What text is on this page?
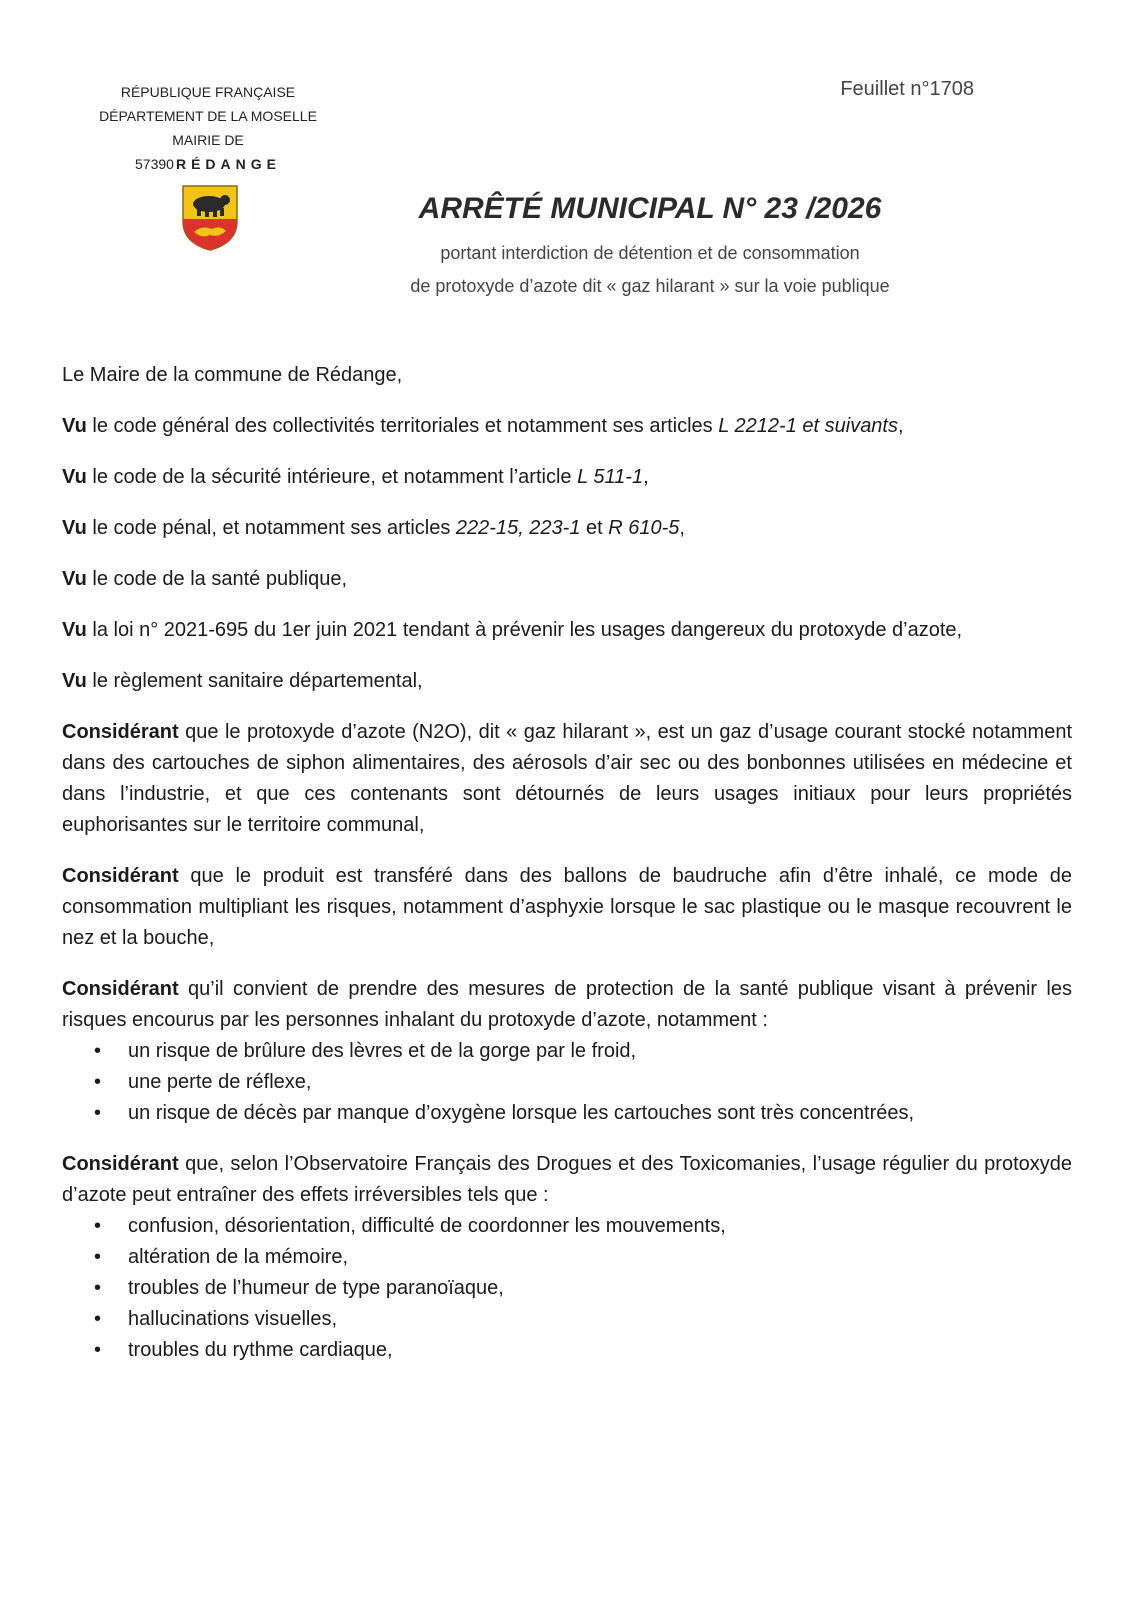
RÉPUBLIQUE FRANÇAISE
DÉPARTEMENT DE LA MOSELLE
MAIRIE DE
57390 RÉDANGE
Feuillet n°1708
ARRÊTÉ MUNICIPAL N° 23 /2026
portant interdiction de détention et de consommation
de protoxyde d’azote dit « gaz hilarant » sur la voie publique

Le Maire de la commune de Rédange,

Vu le code général des collectivités territoriales et notamment ses articles L 2212-1 et suivants,

Vu le code de la sécurité intérieure, et notamment l’article L 511-1,

Vu le code pénal, et notamment ses articles 222-15, 223-1 et R 610-5,

Vu le code de la santé publique,

Vu la loi n° 2021-695 du 1er juin 2021 tendant à prévenir les usages dangereux du protoxyde d’azote,

Vu le règlement sanitaire départemental,

Considérant que le protoxyde d’azote (N2O), dit « gaz hilarant », est un gaz d’usage courant stocké notamment dans des cartouches de siphon alimentaires, des aérosols d’air sec ou des bonbonnes utilisées en médecine et dans l’industrie, et que ces contenants sont détournés de leurs usages initiaux pour leurs propriétés euphorisantes sur le territoire communal,

Considérant que le produit est transféré dans des ballons de baudruche afin d’être inhalé, ce mode de consommation multipliant les risques, notamment d’asphyxie lorsque le sac plastique ou le masque recouvrent le nez et la bouche,

Considérant qu’il convient de prendre des mesures de protection de la santé publique visant à prévenir les risques encourus par les personnes inhalant du protoxyde d’azote, notamment :

• un risque de brûlure des lèvres et de la gorge par le froid,
• une perte de réflexe,
• un risque de décès par manque d’oxygène lorsque les cartouches sont très concentrées,

Considérant que, selon l’Observatoire Français des Drogues et des Toxicomanies, l’usage régulier du protoxyde d’azote peut entraîner des effets irréversibles tels que :

• confusion, désorientation, difficulté de coordonner les mouvements,
• altération de la mémoire,
• troubles de l’humeur de type paranoïaque,
• hallucinations visuelles,
• troubles du rythme cardiaque,
